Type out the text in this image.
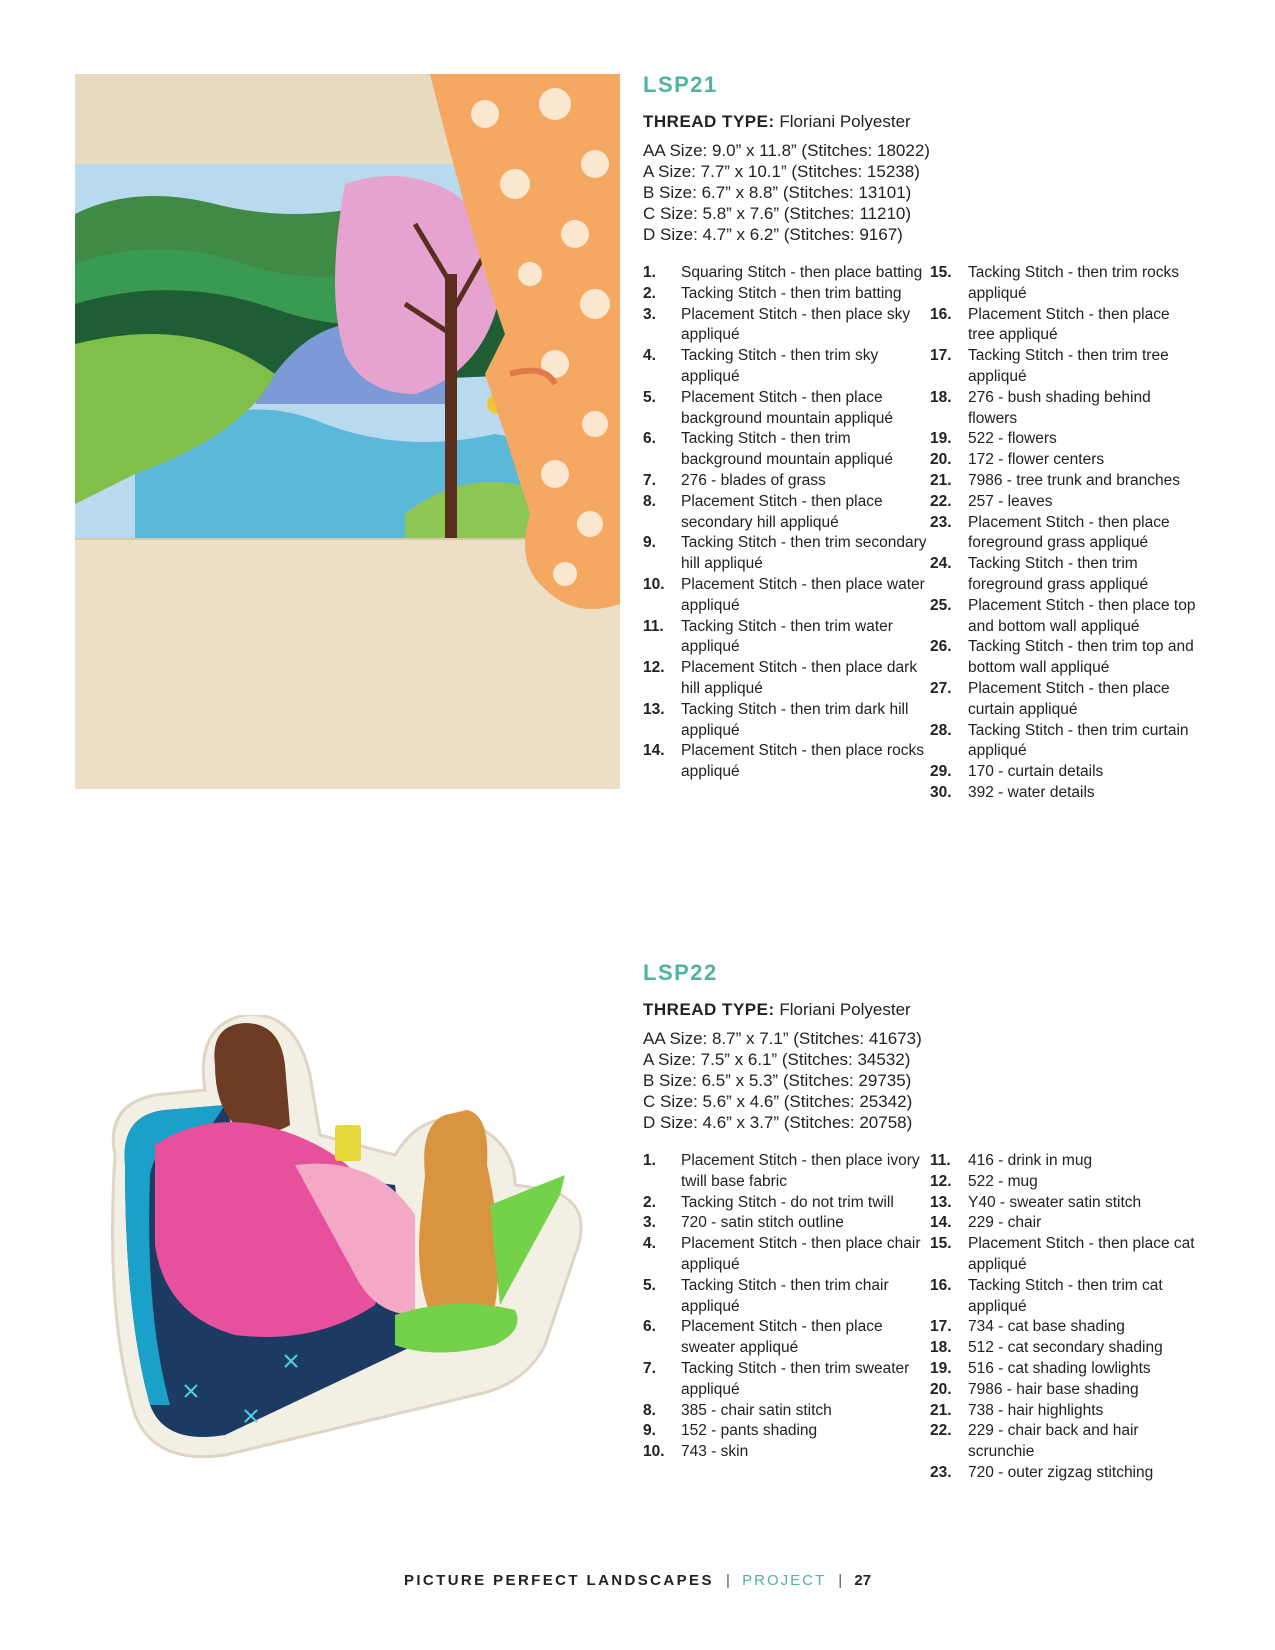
LSP21
THREAD TYPE: Floriani Polyester
AA Size: 9.0” x 11.8” (Stitches: 18022)
A Size: 7.7” x 10.1” (Stitches: 15238)
B Size: 6.7” x 8.8” (Stitches: 13101)
C Size: 5.8” x 7.6” (Stitches: 11210)
D Size: 4.7” x 6.2” (Stitches: 9167)
1.	Squaring Stitch - then place batting
2.	Tacking Stitch - then trim batting
3.	Placement Stitch - then place sky appliqué
4.	Tacking Stitch - then trim sky appliqué
5.	Placement Stitch - then place background mountain appliqué
6.	Tacking Stitch - then trim background mountain appliqué
7.	276 - blades of grass
8.	Placement Stitch - then place secondary hill appliqué
9.	Tacking Stitch - then trim secondary hill appliqué
10.	Placement Stitch - then place water appliqué
11.	Tacking Stitch - then trim water appliqué
12.	Placement Stitch - then place dark hill appliqué
13.	Tacking Stitch - then trim dark hill appliqué
14.	Placement Stitch - then place rocks appliqué
15.	Tacking Stitch - then trim rocks appliqué
16.	Placement Stitch - then place tree appliqué
17.	Tacking Stitch - then trim tree appliqué
18.	276 - bush shading behind flowers
19.	522 - flowers
20.	172 - flower centers
21.	7986 - tree trunk and branches
22.	257 - leaves
23.	Placement Stitch - then place foreground grass appliqué
24.	Tacking Stitch - then trim foreground grass appliqué
25.	Placement Stitch - then place top and bottom wall appliqué
26.	Tacking Stitch - then trim top and bottom wall appliqué
27.	Placement Stitch - then place curtain appliqué
28.	Tacking Stitch - then trim curtain appliqué
29.	170 - curtain details
30.	392 - water details
LSP22
THREAD TYPE: Floriani Polyester
AA Size: 8.7” x 7.1” (Stitches: 41673)
A Size: 7.5” x 6.1” (Stitches: 34532)
B Size: 6.5” x 5.3” (Stitches: 29735)
C Size: 5.6” x 4.6” (Stitches: 25342)
D Size: 4.6” x 3.7” (Stitches: 20758)
1.	Placement Stitch - then place ivory twill base fabric
2.	Tacking Stitch - do not trim twill
3.	720 - satin stitch outline
4.	Placement Stitch - then place chair appliqué
5.	Tacking Stitch - then trim chair appliqué
6.	Placement Stitch - then place sweater appliqué
7.	Tacking Stitch - then trim sweater appliqué
8.	385 - chair satin stitch
9.	152 - pants shading
10.	743 - skin
11.	416 - drink in mug
12.	522 - mug
13.	Y40 - sweater satin stitch
14.	229 - chair
15.	Placement Stitch - then place cat appliqué
16.	Tacking Stitch - then trim cat appliqué
17.	734 - cat base shading
18.	512 - cat secondary shading
19.	516 - cat shading lowlights
20.	7986 - hair base shading
21.	738 - hair highlights
22.	229 - chair back and hair scrunchie
23.	720 - outer zigzag stitching
PICTURE PERFECT LANDSCAPES | PROJECT | 27
